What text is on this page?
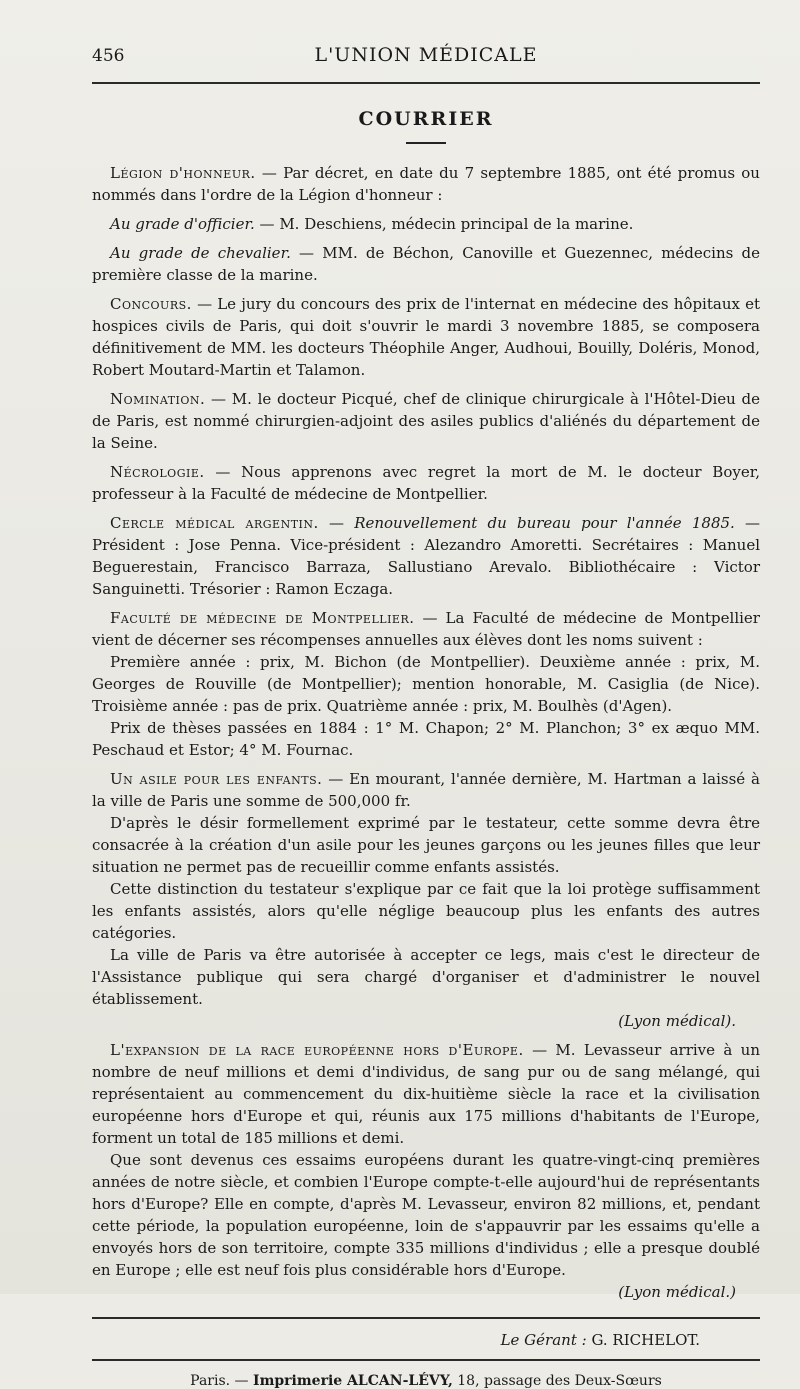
456	L'UNION MÉDICALE
COURRIER

Légion d'honneur. — Par décret, en date du 7 septembre 1885, ont été promus ou nommés dans l'ordre de la Légion d'honneur :

Au grade d'officier. — M. Deschiens, médecin principal de la marine.

Au grade de chevalier. — MM. de Béchon, Canoville et Guezennec, médecins de première classe de la marine.

Concours. — Le jury du concours des prix de l'internat en médecine des hôpitaux et hospices civils de Paris, qui doit s'ouvrir le mardi 3 novembre 1885, se composera définitivement de MM. les docteurs Théophile Anger, Audhoui, Bouilly, Doléris, Monod, Robert Moutard-Martin et Talamon.

Nomination. — M. le docteur Picqué, chef de clinique chirurgicale à l'Hôtel-Dieu de de Paris, est nommé chirurgien-adjoint des asiles publics d'aliénés du département de la Seine.

Nécrologie. — Nous apprenons avec regret la mort de M. le docteur Boyer, professeur à la Faculté de médecine de Montpellier.

Cercle médical argentin. — Renouvellement du bureau pour l'année 1885. — Président : Jose Penna. Vice-président : Alezandro Amoretti. Secrétaires : Manuel Beguerestain, Francisco Barraza, Sallustiano Arevalo. Bibliothécaire : Victor Sanguinetti. Trésorier : Ramon Eczaga.

Faculté de médecine de Montpellier. — La Faculté de médecine de Montpellier vient de décerner ses récompenses annuelles aux élèves dont les noms suivent :

Première année : prix, M. Bichon (de Montpellier). Deuxième année : prix, M. Georges de Rouville (de Montpellier); mention honorable, M. Casiglia (de Nice). Troisième année : pas de prix. Quatrième année : prix, M. Boulhès (d'Agen).

Prix de thèses passées en 1884 : 1° M. Chapon; 2° M. Planchon; 3° ex æquo MM. Peschaud et Estor; 4° M. Fournac.

Un asile pour les enfants. — En mourant, l'année dernière, M. Hartman a laissé à la ville de Paris une somme de 500,000 fr.

D'après le désir formellement exprimé par le testateur, cette somme devra être consacrée à la création d'un asile pour les jeunes garçons ou les jeunes filles que leur situation ne permet pas de recueillir comme enfants assistés.

Cette distinction du testateur s'explique par ce fait que la loi protège suffisamment les enfants assistés, alors qu'elle néglige beaucoup plus les enfants des autres catégories.

La ville de Paris va être autorisée à accepter ce legs, mais c'est le directeur de l'Assistance publique qui sera chargé d'organiser et d'administrer le nouvel établissement.

(Lyon médical).

L'expansion de la race européenne hors d'Europe. — M. Levasseur arrive à un nombre de neuf millions et demi d'individus, de sang pur ou de sang mélangé, qui représentaient au commencement du dix-huitième siècle la race et la civilisation européenne hors d'Europe et qui, réunis aux 175 millions d'habitants de l'Europe, forment un total de 185 millions et demi.

Que sont devenus ces essaims européens durant les quatre-vingt-cinq premières années de notre siècle, et combien l'Europe compte-t-elle aujourd'hui de représentants hors d'Europe? Elle en compte, d'après M. Levasseur, environ 82 millions, et, pendant cette période, la population européenne, loin de s'appauvrir par les essaims qu'elle a envoyés hors de son territoire, compte 335 millions d'individus ; elle a presque doublé en Europe ; elle est neuf fois plus considérable hors d'Europe.

(Lyon médical.)
Le Gérant : G. RICHELOT.
Paris. — Imprimerie ALCAN-LÉVY, 18, passage des Deux-Sœurs
